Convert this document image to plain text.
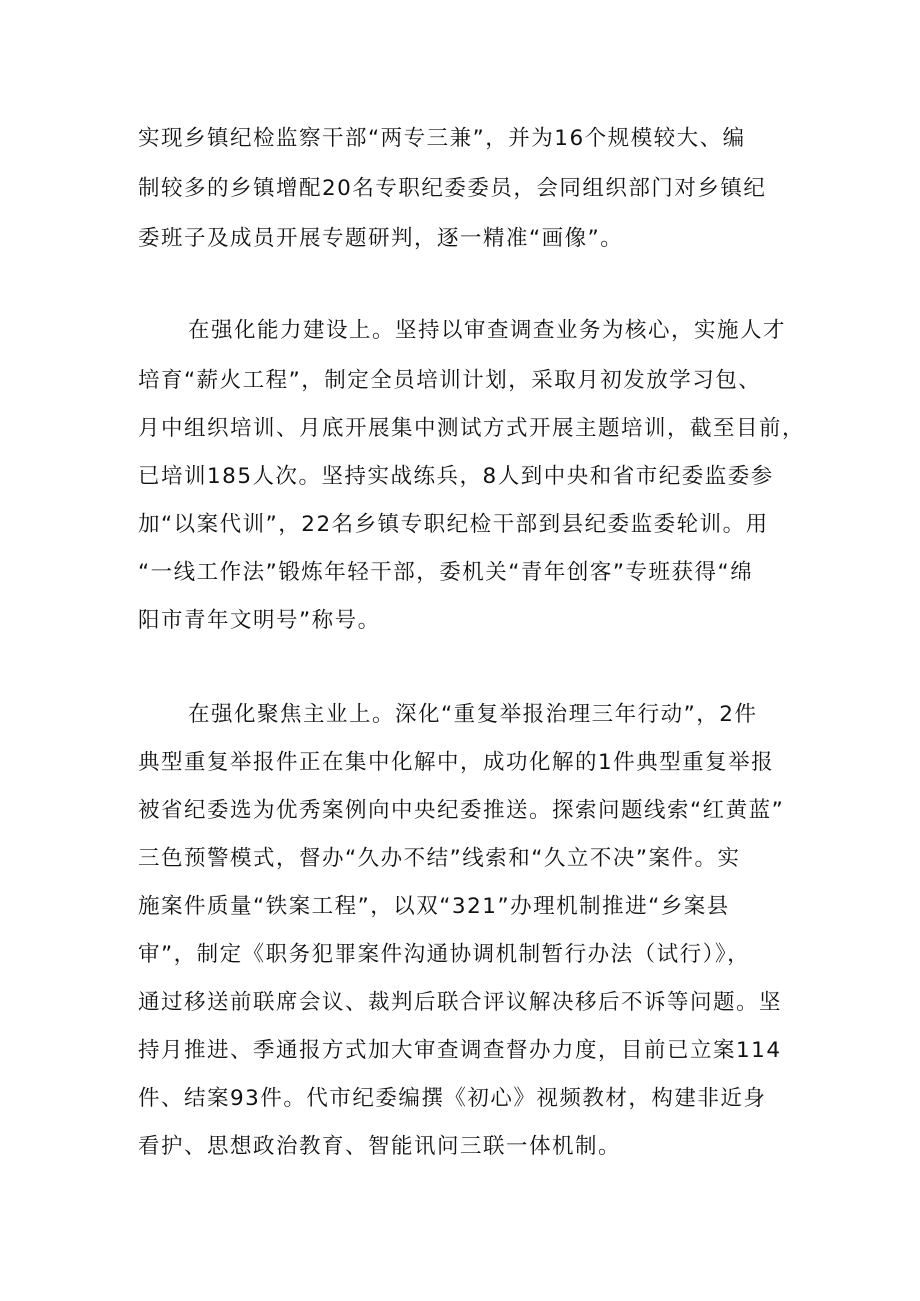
实现乡镇纪检监察干部“两专三兼”，并为16个规模较大、编
制较多的乡镇增配20名专职纪委委员，会同组织部门对乡镇纪
委班子及成员开展专题研判，逐一精准“画像”。
在强化能力建设上。坚持以审查调查业务为核心，实施人才
培育“薪火工程”，制定全员培训计划，采取月初发放学习包、
月中组织培训、月底开展集中测试方式开展主题培训，截至目前，
已培训185人次。坚持实战练兵，8人到中央和省市纪委监委参
加“以案代训”，22名乡镇专职纪检干部到县纪委监委轮训。用
“一线工作法”锻炼年轻干部，委机关“青年创客”专班获得“绵
阳市青年文明号”称号。
在强化聚焦主业上。深化“重复举报治理三年行动”，2件
典型重复举报件正在集中化解中，成功化解的1件典型重复举报
被省纪委选为优秀案例向中央纪委推送。探索问题线索“红黄蓝”
三色预警模式，督办“久办不结”线索和“久立不决”案件。实
施案件质量“铁案工程”，以双“321”办理机制推进“乡案县
审”，制定《职务犯罪案件沟通协调机制暂行办法（试行）》，
通过移送前联席会议、裁判后联合评议解决移后不诉等问题。坚
持月推进、季通报方式加大审查调查督办力度，目前已立案114
件、结案93件。代市纪委编撰《初心》视频教材，构建非近身
看护、思想政治教育、智能讯问三联一体机制。
